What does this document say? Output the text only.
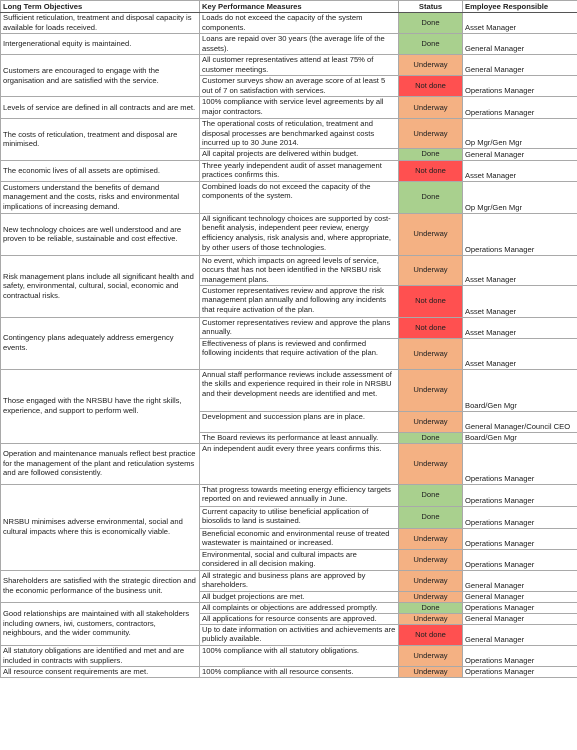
Long Term Objectives	Key Performance Measures	Status	Employee Responsible
Sufficient reticulation, treatment and disposal capacity is available for loads received.	Loads do not exceed the capacity of the system components.	Done	Asset Manager
Intergenerational equity is maintained.	Loans are repaid over 30 years (the average life of the assets).	Done	General Manager
Customers are encouraged to engage with the organisation and are satisfied with the service.	All customer representatives attend at least 75% of customer meetings.	Underway	General Manager
	Customer surveys show an average score of at least 5 out of 7 on satisfaction with services.	Not done	Operations Manager
Levels of service are defined in all contracts and are met.	100% compliance with service level agreements by all major contractors.	Underway	Operations Manager
The costs of reticulation, treatment and disposal are minimised.	The operational costs of reticulation, treatment and disposal processes are benchmarked against costs incurred up to 30 June 2014.	Underway	Op Mgr/Gen Mgr
	All capital projects are delivered within budget.	Done	General Manager
The economic lives of all assets are optimised.	Three yearly independent audit of asset management practices confirms this.	Not done	Asset Manager
Customers understand the benefits of demand management and the costs, risks and environmental implications of increasing demand.	Combined loads do not exceed the capacity of the components of the system.	Done	Op Mgr/Gen Mgr
New technology choices are well understood and are proven to be reliable, sustainable and cost effective.	All significant technology choices are supported by cost-benefit analysis, independent peer review, energy efficiency analysis, risk analysis and, where appropriate, by other users of those technologies.	Underway	Operations Manager
Risk management plans include all significant health and safety, environmental, cultural, social, economic and contractual risks.	No event, which impacts on agreed levels of service, occurs that has not been identified in the NRSBU risk management plans.	Underway	Asset Manager
	Customer representatives review and approve the risk management plan annually and following any incidents that require activation of the plan.	Not done	Asset Manager
Contingency plans adequately address emergency events.	Customer representatives review and approve the plans annually.	Not done	Asset Manager
	Effectiveness of plans is reviewed and confirmed following incidents that require activation of the plan.	Underway	Asset Manager
Those engaged with the NRSBU have the right skills, experience, and support to perform well.	Annual staff performance reviews include assessment of the skills and experience required in their role in NRSBU and their development needs are identified and met.	Underway	Board/Gen Mgr
	Development and succession plans are in place.	Underway	General Manager/Council CEO
	The Board reviews its performance at least annually.	Done	Board/Gen Mgr
Operation and maintenance manuals reflect best practice for the management of the plant and reticulation systems and are followed consistently.	An independent audit every three years confirms this.	Underway	Operations Manager
NRSBU minimises adverse environmental, social and cultural impacts where this is economically viable.	That progress towards meeting energy efficiency targets reported on and reviewed annually in June.	Done	Operations Manager
	Current capacity to utilise beneficial application of biosolids to land is sustained.	Done	Operations Manager
	Beneficial economic and environmental reuse of treated wastewater is maintained or increased.	Underway	Operations Manager
	Environmental, social and cultural impacts are considered in all decision making.	Underway	Operations Manager
Shareholders are satisfied with the strategic direction and the economic performance of the business unit.	All strategic and business plans are approved by shareholders.	Underway	General Manager
	All budget projections are met.	Underway	General Manager
Good relationships are maintained with all stakeholders including owners, iwi, customers, contractors, neighbours, and the wider community.	All complaints or objections are addressed promptly.	Done	Operations Manager
	All applications for resource consents are approved.	Underway	General Manager
	Up to date information on activities and achievements are publicly available.	Not done	General Manager
All statutory obligations are identified and met and are included in contracts with suppliers.	100% compliance with all statutory obligations.	Underway	Operations Manager
All resource consent requirements are met.	100% compliance with all resource consents.	Underway	Operations Manager
